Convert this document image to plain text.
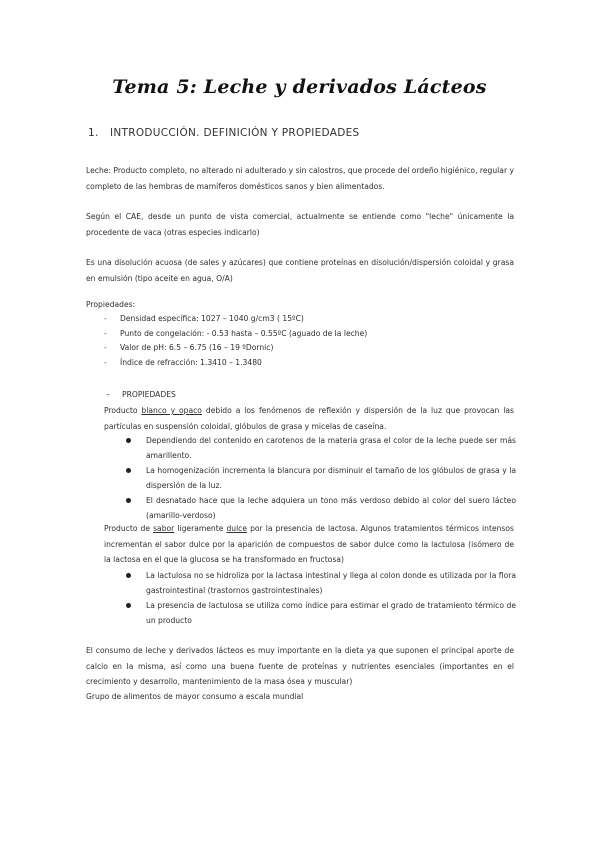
Tema 5: Leche y derivados Lácteos
1. INTRODUCCIÓN. DEFINICIÓN Y PROPIEDADES

Leche: Producto completo, no alterado ni adulterado y sin calostros, que procede del ordeño higiénico, regular y completo de las hembras de mamíferos domésticos sanos y bien alimentados.

Según el CAE, desde un punto de vista comercial, actualmente se entiende como "leche" únicamente la procedente de vaca (otras especies indicarlo)

Es una disolución acuosa (de sales y azúcares) que contiene proteínas en disolución/dispersión coloidal y grasa en emulsión (tipo aceite en agua, O/A)

Propiedades:

- Densidad específica: 1027 – 1040 g/cm3 ( 15ºC)
- Punto de congelación: - 0.53 hasta – 0.55ºC (aguado de la leche)
- Valor de pH: 6.5 – 6.75 (16 – 19 ºDornic)
- Índice de refracción: 1.3410 – 1.3480
– PROPIEDADES

Producto blanco y opaco debido a los fenómenos de reflexión y dispersión de la luz que provocan las partículas en suspensión coloidal, glóbulos de grasa y micelas de caseína.

Dependiendo del contenido en carotenos de la materia grasa el color de la leche puede ser más amarillento.
La homogenización incrementa la blancura por disminuir el tamaño de los glóbulos de grasa y la dispersión de la luz.
El desnatado hace que la leche adquiera un tono más verdoso debido al color del suero lácteo (amarillo-verdoso)

Producto de sabor ligeramente dulce por la presencia de lactosa. Algunos tratamientos térmicos intensos incrementan el sabor dulce por la aparición de compuestos de sabor dulce como la lactulosa (isómero de la lactosa en el que la glucosa se ha transformado en fructosa)

La lactulosa no se hidroliza por la lactasa intestinal y llega al colon donde es utilizada por la flora gastrointestinal (trastornos gastrointestinales)
La presencia de lactulosa se utiliza como índice para estimar el grado de tratamiento térmico de un producto

El consumo de leche y derivados lácteos es muy importante en la dieta ya que suponen el principal aporte de calcio en la misma, así como una buena fuente de proteínas y nutrientes esenciales (importantes en el crecimiento y desarrollo, mantenimiento de la masa ósea y muscular)

Grupo de alimentos de mayor consumo a escala mundial
